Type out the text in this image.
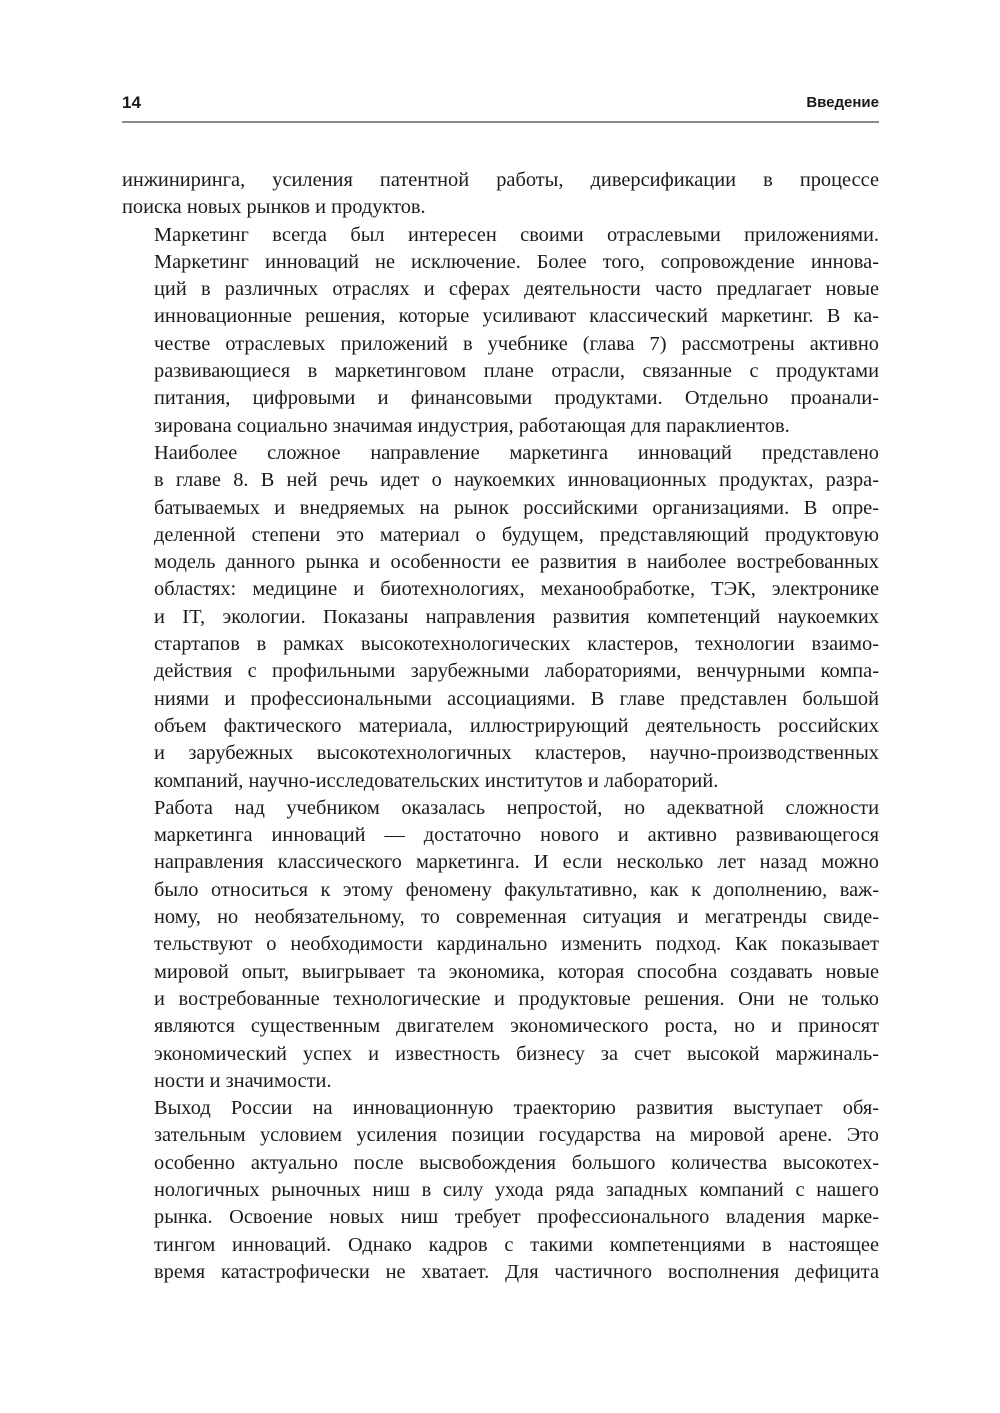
14	Введение
инжиниринга, усиления патентной работы, диверсификации в процессе
поиска новых рынков и продуктов.
Маркетинг всегда был интересен своими отраслевыми приложениями.
Маркетинг инноваций не исключение. Более того, сопровождение иннова-
ций в различных отраслях и сферах деятельности часто предлагает новые
инновационные решения, которые усиливают классический маркетинг. В ка-
честве отраслевых приложений в учебнике (глава 7) рассмотрены активно
развивающиеся в маркетинговом плане отрасли, связанные с продуктами
питания, цифровыми и финансовыми продуктами. Отдельно проанали-
зирована социально значимая индустрия, работающая для параклиентов.
Наиболее сложное направление маркетинга инноваций представлено
в главе 8. В ней речь идет о наукоемких инновационных продуктах, разра-
батываемых и внедряемых на рынок российскими организациями. В опре-
деленной степени это материал о будущем, представляющий продуктовую
модель данного рынка и особенности ее развития в наиболее востребованных
областях: медицине и биотехнологиях, механообработке, ТЭК, электронике
и IT, экологии. Показаны направления развития компетенций наукоемких
стартапов в рамках высокотехнологических кластеров, технологии взаимо-
действия с профильными зарубежными лабораториями, венчурными компа-
ниями и профессиональными ассоциациями. В главе представлен большой
объем фактического материала, иллюстрирующий деятельность российских
и зарубежных высокотехнологичных кластеров, научно-производственных
компаний, научно-исследовательских институтов и лабораторий.
Работа над учебником оказалась непростой, но адекватной сложности
маркетинга инноваций — достаточно нового и активно развивающегося
направления классического маркетинга. И если несколько лет назад можно
было относиться к этому феномену факультативно, как к дополнению, важ-
ному, но необязательному, то современная ситуация и мегатренды свиде-
тельствуют о необходимости кардинально изменить подход. Как показывает
мировой опыт, выигрывает та экономика, которая способна создавать новые
и востребованные технологические и продуктовые решения. Они не только
являются существенным двигателем экономического роста, но и приносят
экономический успех и известность бизнесу за счет высокой маржиналь-
ности и значимости.
Выход России на инновационную траекторию развития выступает обя-
зательным условием усиления позиции государства на мировой арене. Это
особенно актуально после высвобождения большого количества высокотех-
нологичных рыночных ниш в силу ухода ряда западных компаний с нашего
рынка. Освоение новых ниш требует профессионального владения марке-
тингом инноваций. Однако кадров с такими компетенциями в настоящее
время катастрофически не хватает. Для частичного восполнения дефицита
